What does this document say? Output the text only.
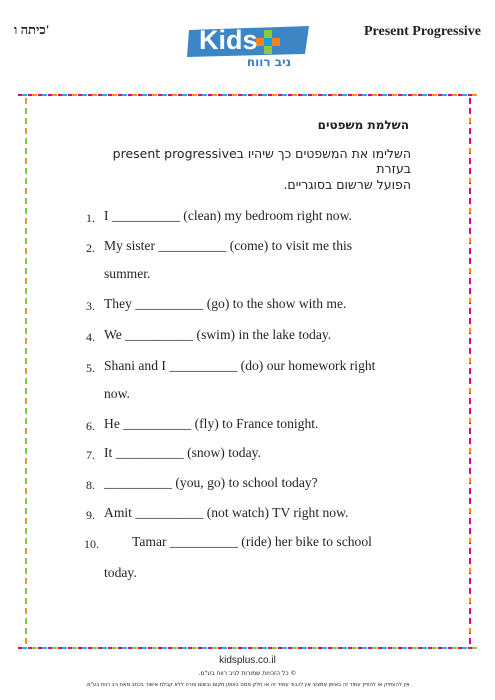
כיתה ו'	Present Progressive
Kids
ניב רווח
השלמת משפטים
השלימו את המשפטים כך שיהיו בpresent progressive בעזרת
הפועל שרשום בסוגריים.
1. I __________ (clean) my bedroom right now.
2. My sister __________ (come) to visit me this
summer.
3. They __________ (go) to the show with me.
4. We __________ (swim) in the lake today.
5. Shani and I __________ (do) our homework right
now.
6. He __________ (fly) to France tonight.
7. It __________ (snow) today.
8. __________ (you, go) to school today?
9. Amit __________ (not watch) TV right now.
10. Tamar __________ (ride) her bike to school
today.
kidsplus.co.il
© כל הזכויות שמורות לניב רווח בע"מ.
אין להעתיק או להפיץ עמוד זה באופן אמצעי אין לכבוד עמוד זה או חלק ממנו באופן מקום ובשום צורה ללא קבלת אישור בכתב מאת ניב רווח בע"מ.
